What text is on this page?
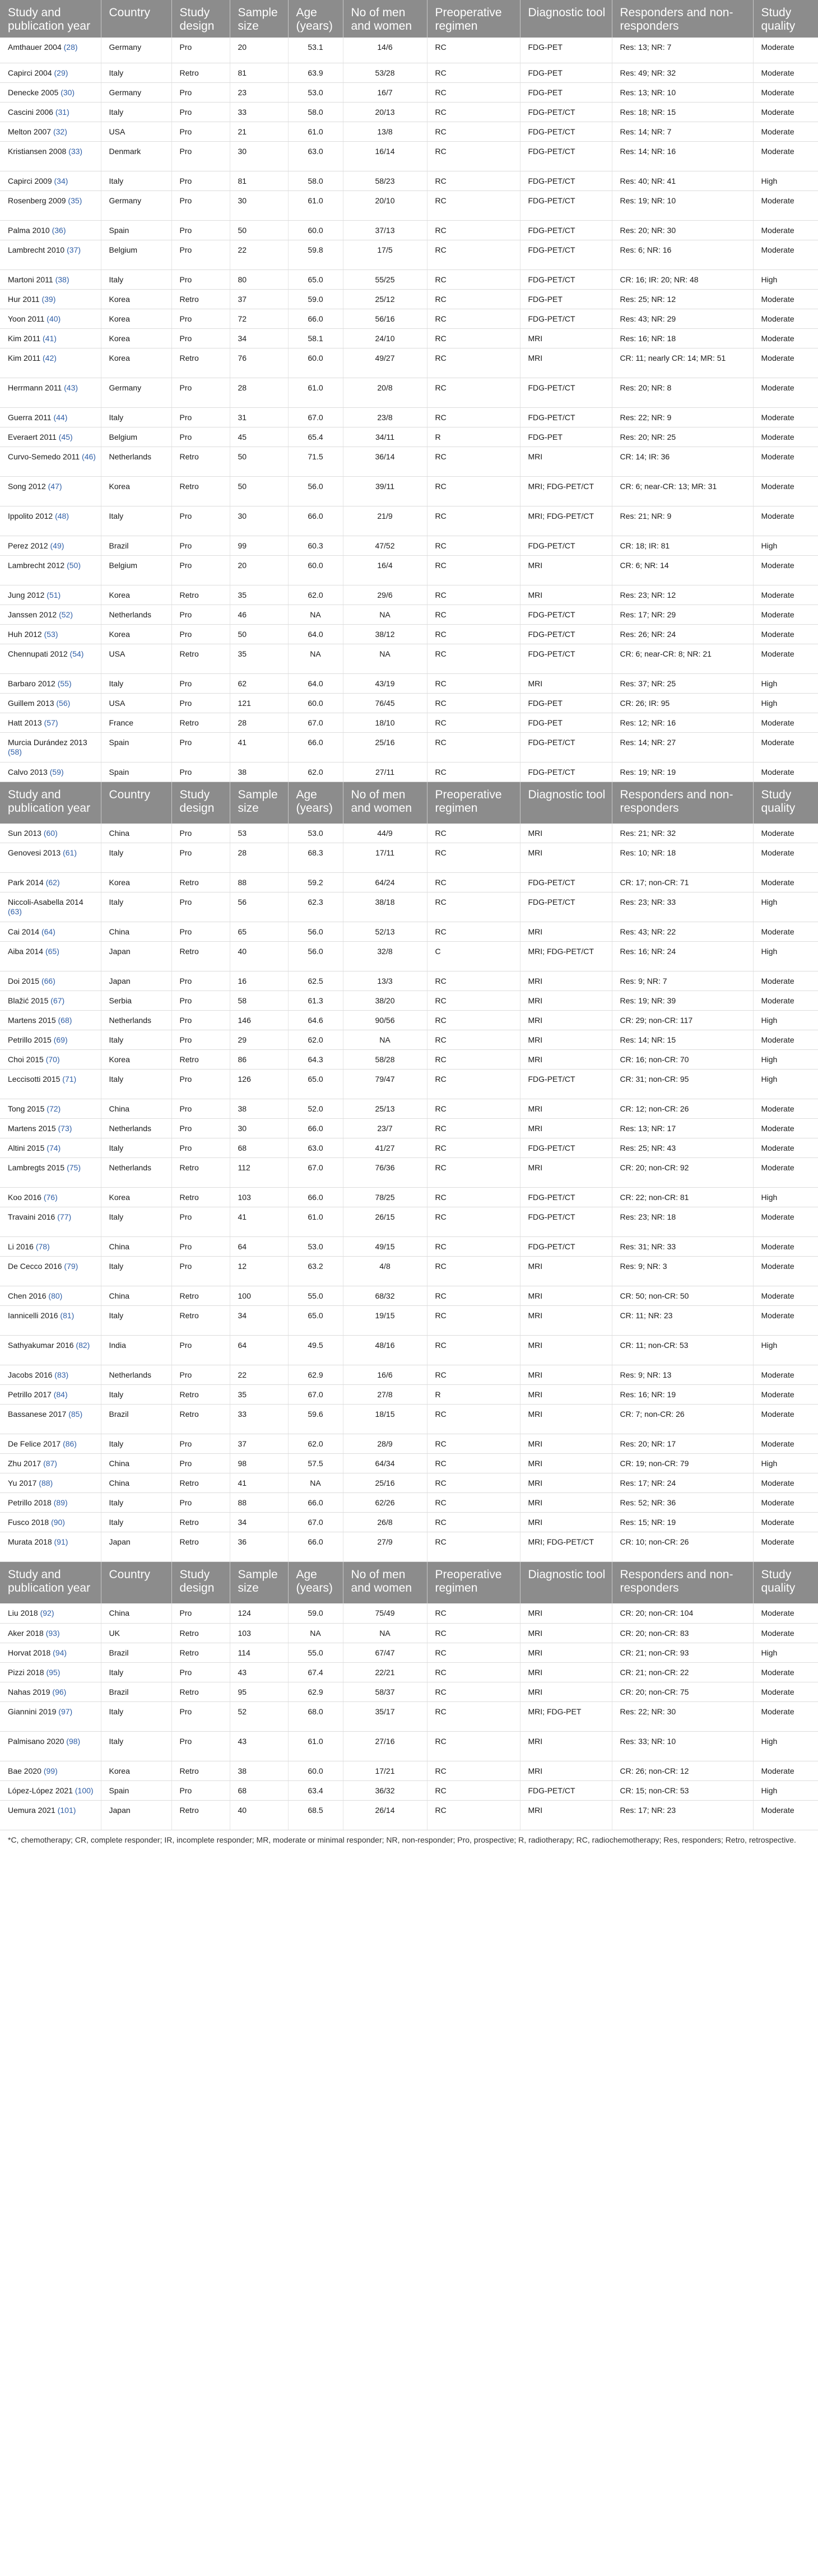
Study and publication year	Country	Study design	Sample size	Age (years)	No of men and women	Preoperative regimen	Diagnostic tool	Responders and non-responders	Study quality
Amthauer 2004 (28)	Germany	Pro	20	53.1	14/6	RC	FDG-PET	Res: 13; NR: 7	Moderate
Capirci 2004 (29)	Italy	Retro	81	63.9	53/28	RC	FDG-PET	Res: 49; NR: 32	Moderate
Denecke 2005 (30)	Germany	Pro	23	53.0	16/7	RC	FDG-PET	Res: 13; NR: 10	Moderate
Cascini 2006 (31)	Italy	Pro	33	58.0	20/13	RC	FDG-PET/CT	Res: 18; NR: 15	Moderate
Melton 2007 (32)	USA	Pro	21	61.0	13/8	RC	FDG-PET/CT	Res: 14; NR: 7	Moderate
Kristiansen 2008 (33)	Denmark	Pro	30	63.0	16/14	RC	FDG-PET/CT	Res: 14; NR: 16	Moderate
Capirci 2009 (34)	Italy	Pro	81	58.0	58/23	RC	FDG-PET/CT	Res: 40; NR: 41	High
Rosenberg 2009 (35)	Germany	Pro	30	61.0	20/10	RC	FDG-PET/CT	Res: 19; NR: 10	Moderate
Palma 2010 (36)	Spain	Pro	50	60.0	37/13	RC	FDG-PET/CT	Res: 20; NR: 30	Moderate
Lambrecht 2010 (37)	Belgium	Pro	22	59.8	17/5	RC	FDG-PET/CT	Res: 6; NR: 16	Moderate
Martoni 2011 (38)	Italy	Pro	80	65.0	55/25	RC	FDG-PET/CT	CR: 16; IR: 20; NR: 48	High
Hur 2011 (39)	Korea	Retro	37	59.0	25/12	RC	FDG-PET	Res: 25; NR: 12	Moderate
Yoon 2011 (40)	Korea	Pro	72	66.0	56/16	RC	FDG-PET/CT	Res: 43; NR: 29	Moderate
Kim 2011 (41)	Korea	Pro	34	58.1	24/10	RC	MRI	Res: 16; NR: 18	Moderate
Kim 2011 (42)	Korea	Retro	76	60.0	49/27	RC	MRI	CR: 11; nearly CR: 14; MR: 51	Moderate
Herrmann 2011 (43)	Germany	Pro	28	61.0	20/8	RC	FDG-PET/CT	Res: 20; NR: 8	Moderate
Guerra 2011 (44)	Italy	Pro	31	67.0	23/8	RC	FDG-PET/CT	Res: 22; NR: 9	Moderate
Everaert 2011 (45)	Belgium	Pro	45	65.4	34/11	R	FDG-PET	Res: 20; NR: 25	Moderate
Curvo-Semedo 2011 (46)	Netherlands	Retro	50	71.5	36/14	RC	MRI	CR: 14; IR: 36	Moderate
Song 2012 (47)	Korea	Retro	50	56.0	39/11	RC	MRI; FDG-PET/CT	CR: 6; near-CR: 13; MR: 31	Moderate
Ippolito 2012 (48)	Italy	Pro	30	66.0	21/9	RC	MRI; FDG-PET/CT	Res: 21; NR: 9	Moderate
Perez 2012 (49)	Brazil	Pro	99	60.3	47/52	RC	FDG-PET/CT	CR: 18; IR: 81	High
Lambrecht 2012 (50)	Belgium	Pro	20	60.0	16/4	RC	MRI	CR: 6; NR: 14	Moderate
Jung 2012 (51)	Korea	Retro	35	62.0	29/6	RC	MRI	Res: 23; NR: 12	Moderate
Janssen 2012 (52)	Netherlands	Pro	46	NA	NA	RC	FDG-PET/CT	Res: 17; NR: 29	Moderate
Huh 2012 (53)	Korea	Pro	50	64.0	38/12	RC	FDG-PET/CT	Res: 26; NR: 24	Moderate
Chennupati 2012 (54)	USA	Retro	35	NA	NA	RC	FDG-PET/CT	CR: 6; near-CR: 8; NR: 21	Moderate
Barbaro 2012 (55)	Italy	Pro	62	64.0	43/19	RC	MRI	Res: 37; NR: 25	High
Guillem 2013 (56)	USA	Pro	121	60.0	76/45	RC	FDG-PET	CR: 26; IR: 95	High
Hatt 2013 (57)	France	Retro	28	67.0	18/10	RC	FDG-PET	Res: 12; NR: 16	Moderate
Murcia Durández 2013 (58)	Spain	Pro	41	66.0	25/16	RC	FDG-PET/CT	Res: 14; NR: 27	Moderate
Calvo 2013 (59)	Spain	Pro	38	62.0	27/11	RC	FDG-PET/CT	Res: 19; NR: 19	Moderate
Study and publication year	Country	Study design	Sample size	Age (years)	No of men and women	Preoperative regimen	Diagnostic tool	Responders and non-responders	Study quality
Sun 2013 (60)	China	Pro	53	53.0	44/9	RC	MRI	Res: 21; NR: 32	Moderate
Genovesi 2013 (61)	Italy	Pro	28	68.3	17/11	RC	MRI	Res: 10; NR: 18	Moderate
Park 2014 (62)	Korea	Retro	88	59.2	64/24	RC	FDG-PET/CT	CR: 17; non-CR: 71	Moderate
Niccoli-Asabella 2014 (63)	Italy	Pro	56	62.3	38/18	RC	FDG-PET/CT	Res: 23; NR: 33	High
Cai 2014 (64)	China	Pro	65	56.0	52/13	RC	MRI	Res: 43; NR: 22	Moderate
Aiba 2014 (65)	Japan	Retro	40	56.0	32/8	C	MRI; FDG-PET/CT	Res: 16; NR: 24	High
Doi 2015 (66)	Japan	Pro	16	62.5	13/3	RC	MRI	Res: 9; NR: 7	Moderate
Blažić 2015 (67)	Serbia	Pro	58	61.3	38/20	RC	MRI	Res: 19; NR: 39	Moderate
Martens 2015 (68)	Netherlands	Pro	146	64.6	90/56	RC	MRI	CR: 29; non-CR: 117	High
Petrillo 2015 (69)	Italy	Pro	29	62.0	NA	RC	MRI	Res: 14; NR: 15	Moderate
Choi 2015 (70)	Korea	Retro	86	64.3	58/28	RC	MRI	CR: 16; non-CR: 70	High
Leccisotti 2015 (71)	Italy	Pro	126	65.0	79/47	RC	FDG-PET/CT	CR: 31; non-CR: 95	High
Tong 2015 (72)	China	Pro	38	52.0	25/13	RC	MRI	CR: 12; non-CR: 26	Moderate
Martens 2015 (73)	Netherlands	Pro	30	66.0	23/7	RC	MRI	Res: 13; NR: 17	Moderate
Altini 2015 (74)	Italy	Pro	68	63.0	41/27	RC	FDG-PET/CT	Res: 25; NR: 43	Moderate
Lambregts 2015 (75)	Netherlands	Retro	112	67.0	76/36	RC	MRI	CR: 20; non-CR: 92	Moderate
Koo 2016 (76)	Korea	Retro	103	66.0	78/25	RC	FDG-PET/CT	CR: 22; non-CR: 81	High
Travaini 2016 (77)	Italy	Pro	41	61.0	26/15	RC	FDG-PET/CT	Res: 23; NR: 18	Moderate
Li 2016 (78)	China	Pro	64	53.0	49/15	RC	FDG-PET/CT	Res: 31; NR: 33	Moderate
De Cecco 2016 (79)	Italy	Pro	12	63.2	4/8	RC	MRI	Res: 9; NR: 3	Moderate
Chen 2016 (80)	China	Retro	100	55.0	68/32	RC	MRI	CR: 50; non-CR: 50	Moderate
Iannicelli 2016 (81)	Italy	Retro	34	65.0	19/15	RC	MRI	CR: 11; NR: 23	Moderate
Sathyakumar 2016 (82)	India	Pro	64	49.5	48/16	RC	MRI	CR: 11; non-CR: 53	High
Jacobs 2016 (83)	Netherlands	Pro	22	62.9	16/6	RC	MRI	Res: 9; NR: 13	Moderate
Petrillo 2017 (84)	Italy	Retro	35	67.0	27/8	R	MRI	Res: 16; NR: 19	Moderate
Bassanese 2017 (85)	Brazil	Retro	33	59.6	18/15	RC	MRI	CR: 7; non-CR: 26	Moderate
De Felice 2017 (86)	Italy	Pro	37	62.0	28/9	RC	MRI	Res: 20; NR: 17	Moderate
Zhu 2017 (87)	China	Pro	98	57.5	64/34	RC	MRI	CR: 19; non-CR: 79	High
Yu 2017 (88)	China	Retro	41	NA	25/16	RC	MRI	Res: 17; NR: 24	Moderate
Petrillo 2018 (89)	Italy	Pro	88	66.0	62/26	RC	MRI	Res: 52; NR: 36	Moderate
Fusco 2018 (90)	Italy	Retro	34	67.0	26/8	RC	MRI	Res: 15; NR: 19	Moderate
Murata 2018 (91)	Japan	Retro	36	66.0	27/9	RC	MRI; FDG-PET/CT	CR: 10; non-CR: 26	Moderate
Study and publication year	Country	Study design	Sample size	Age (years)	No of men and women	Preoperative regimen	Diagnostic tool	Responders and non-responders	Study quality
Liu 2018 (92)	China	Pro	124	59.0	75/49	RC	MRI	CR: 20; non-CR: 104	Moderate
Aker 2018 (93)	UK	Retro	103	NA	NA	RC	MRI	CR: 20; non-CR: 83	Moderate
Horvat 2018 (94)	Brazil	Retro	114	55.0	67/47	RC	MRI	CR: 21; non-CR: 93	High
Pizzi 2018 (95)	Italy	Pro	43	67.4	22/21	RC	MRI	CR: 21; non-CR: 22	Moderate
Nahas 2019 (96)	Brazil	Retro	95	62.9	58/37	RC	MRI	CR: 20; non-CR: 75	Moderate
Giannini 2019 (97)	Italy	Pro	52	68.0	35/17	RC	MRI; FDG-PET	Res: 22; NR: 30	Moderate
Palmisano 2020 (98)	Italy	Pro	43	61.0	27/16	RC	MRI	Res: 33; NR: 10	High
Bae 2020 (99)	Korea	Retro	38	60.0	17/21	RC	MRI	CR: 26; non-CR: 12	Moderate
López-López 2021 (100)	Spain	Pro	68	63.4	36/32	RC	FDG-PET/CT	CR: 15; non-CR: 53	High
Uemura 2021 (101)	Japan	Retro	40	68.5	26/14	RC	MRI	Res: 17; NR: 23	Moderate
*C, chemotherapy; CR, complete responder; IR, incomplete responder; MR, moderate or minimal responder; NR, non-responder; Pro, prospective; R, radiotherapy; RC, radiochemotherapy; Res, responders; Retro, retrospective.
